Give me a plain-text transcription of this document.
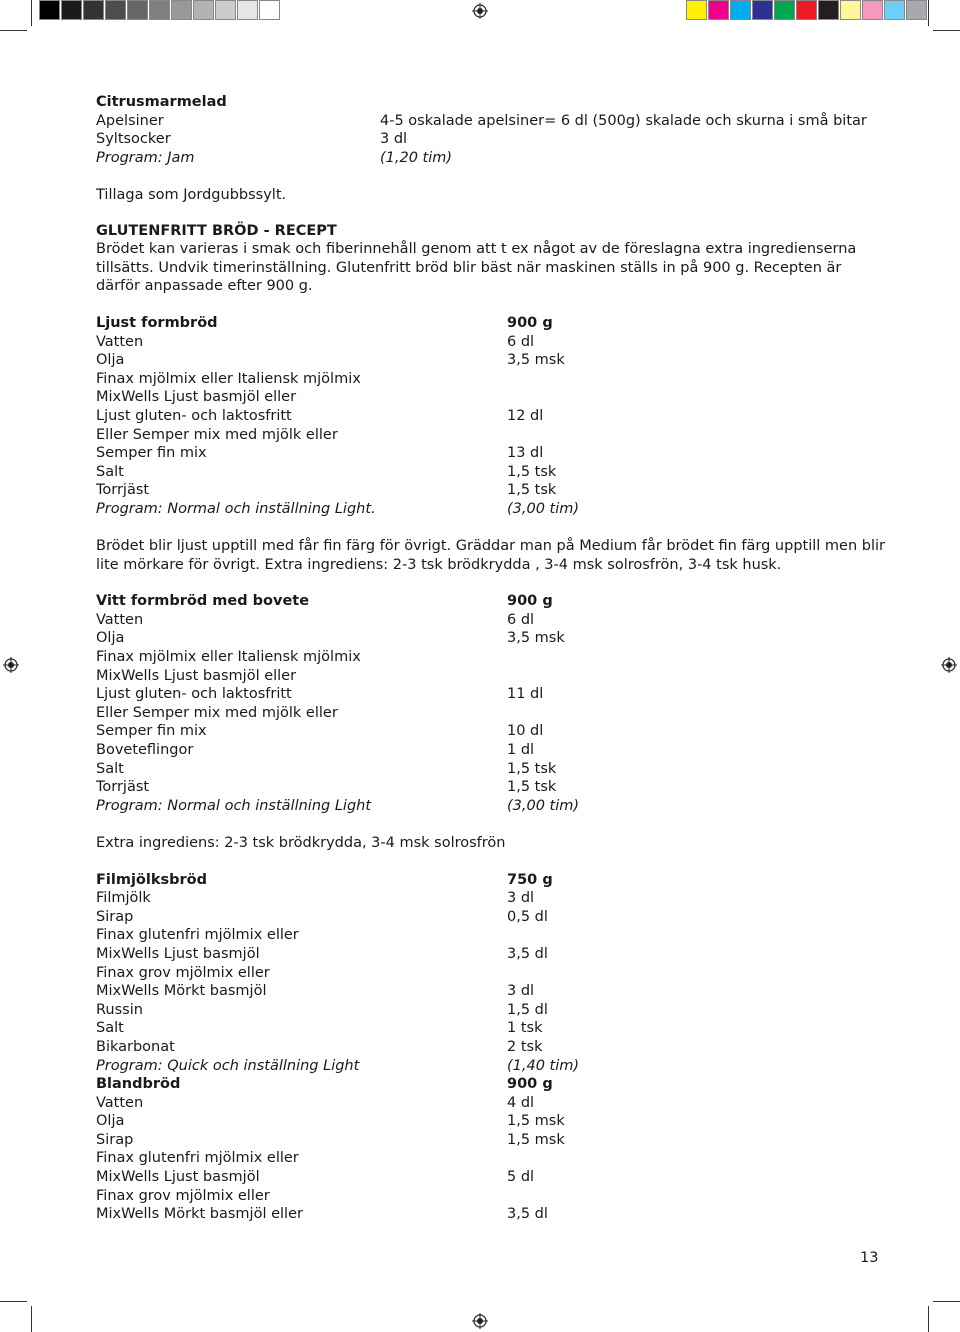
Citrusmarmelad
Apelsiner	4-5 oskalade apelsiner= 6 dl (500g) skalade och skurna i små bitar
Syltsocker	3 dl
Program: Jam	(1,20 tim)
Tillaga som Jordgubbssylt.
GLUTENFRITT BRÖD - RECEPT

Brödet kan varieras i smak och fiberinnehåll genom att t ex något av de föreslagna extra ingredienserna tillsätts. Undvik timerinställning. Glutenfritt bröd blir bäst när maskinen ställs in på 900 g. Recepten är därför anpassade efter 900 g.

Ljust formbröd	900 g
Vatten	6 dl
Olja	3,5 msk
Finax mjölmix eller Italiensk mjölmix
MixWells Ljust basmjöl eller
Ljust gluten- och laktosfritt	12 dl
Eller Semper mix med mjölk eller
Semper fin mix	13 dl
Salt	1,5 tsk
Torrjäst	1,5 tsk
Program: Normal och inställning Light.	(3,00 tim)

Brödet blir ljust upptill med får fin färg för övrigt. Gräddar man på Medium får brödet fin färg upptill men blir lite mörkare för övrigt. Extra ingrediens: 2-3 tsk brödkrydda , 3-4 msk solrosfrön, 3-4 tsk husk.

Vitt formbröd med bovete	900 g
Vatten	6 dl
Olja	3,5 msk
Finax mjölmix eller Italiensk mjölmix
MixWells Ljust basmjöl eller
Ljust gluten- och laktosfritt	11 dl
Eller Semper mix med mjölk eller
Semper fin mix	10 dl
Boveteflingor	1 dl
Salt	1,5 tsk
Torrjäst	1,5 tsk
Program: Normal och inställning Light	(3,00 tim)
Extra ingrediens: 2-3 tsk brödkrydda, 3-4 msk solrosfrön
Filmjölksbröd	750 g
Filmjölk	3 dl
Sirap	0,5 dl
Finax glutenfri mjölmix eller
MixWells Ljust basmjöl	3,5 dl
Finax grov mjölmix eller
MixWells Mörkt basmjöl	3 dl
Russin	1,5 dl
Salt	1 tsk
Bikarbonat	2 tsk
Program: Quick och inställning Light	(1,40 tim)
Blandbröd	900 g
Vatten	4 dl
Olja	1,5 msk
Sirap	1,5 msk
Finax glutenfri mjölmix eller
MixWells Ljust basmjöl	5 dl
Finax grov mjölmix eller
MixWells Mörkt basmjöl eller	3,5 dl
13
